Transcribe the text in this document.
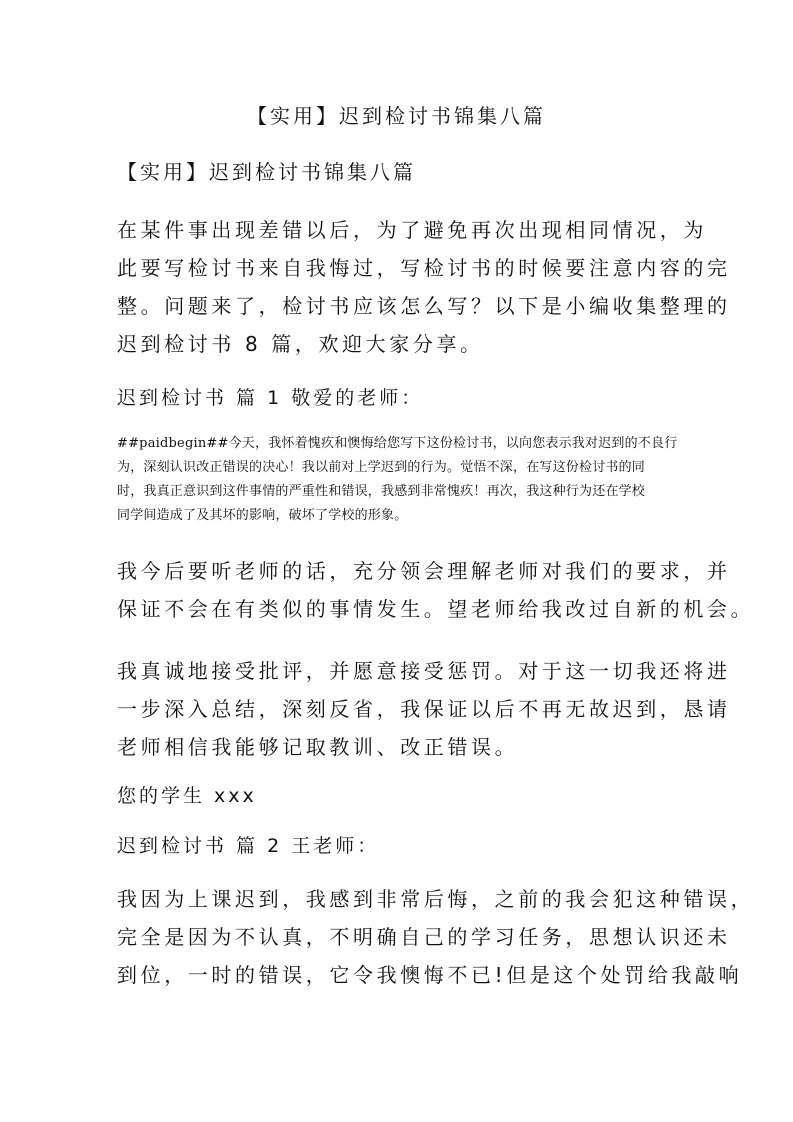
【实用】迟到检讨书锦集八篇
【实用】迟到检讨书锦集八篇
在某件事出现差错以后，为了避免再次出现相同情况，为
此要写检讨书来自我悔过，写检讨书的时候要注意内容的完
整。问题来了，检讨书应该怎么写？以下是小编收集整理的
迟到检讨书 8 篇，欢迎大家分享。
迟到检讨书 篇 1 敬爱的老师：
##paidbegin##今天，我怀着愧疚和懊悔给您写下这份检讨书，以向您表示我对迟到的不良行
为，深刻认识改正错误的决心！我以前对上学迟到的行为。觉悟不深，在写这份检讨书的同
时，我真正意识到这件事情的严重性和错误，我感到非常愧疚！再次，我这种行为还在学校
同学间造成了及其坏的影响，破坏了学校的形象。
我今后要听老师的话，充分领会理解老师对我们的要求，并
保证不会在有类似的事情发生。望老师给我改过自新的机会。
我真诚地接受批评，并愿意接受惩罚。对于这一切我还将进
一步深入总结，深刻反省，我保证以后不再无故迟到，恳请
老师相信我能够记取教训、改正错误。
您的学生 xxx
迟到检讨书 篇 2 王老师：
我因为上课迟到，我感到非常后悔，之前的我会犯这种错误，
完全是因为不认真，不明确自己的学习任务，思想认识还未
到位，一时的错误，它令我懊悔不已!但是这个处罚给我敲响
